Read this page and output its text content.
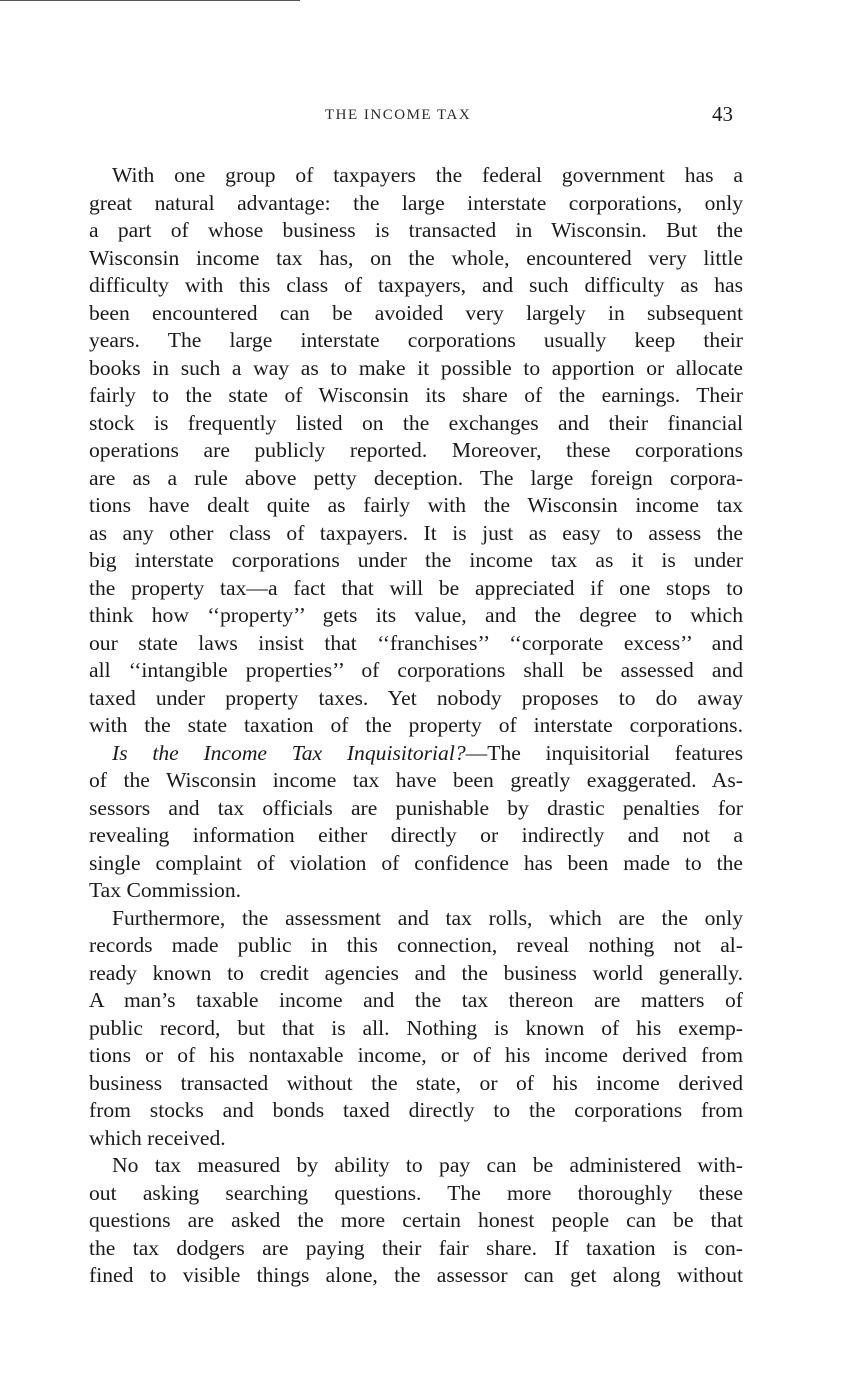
THE INCOME TAX	43
With one group of taxpayers the federal government has a
great natural advantage: the large interstate corporations, only
a part of whose business is transacted in Wisconsin. But the
Wisconsin income tax has, on the whole, encountered very little
difficulty with this class of taxpayers, and such difficulty as has
been encountered can be avoided very largely in subsequent
years. The large interstate corporations usually keep their
books in such a way as to make it possible to apportion or allocate
fairly to the state of Wisconsin its share of the earnings. Their
stock is frequently listed on the exchanges and their financial
operations are publicly reported. Moreover, these corporations
are as a rule above petty deception. The large foreign corpora-
tions have dealt quite as fairly with the Wisconsin income tax
as any other class of taxpayers. It is just as easy to assess the
big interstate corporations under the income tax as it is under
the property tax—a fact that will be appreciated if one stops to
think how ‘‘property’’ gets its value, and the degree to which
our state laws insist that ‘‘franchises’’ ‘‘corporate excess’’ and
all ‘‘intangible properties’’ of corporations shall be assessed and
taxed under property taxes. Yet nobody proposes to do away
with the state taxation of the property of interstate corporations.
Is the Income Tax Inquisitorial?—The inquisitorial features
of the Wisconsin income tax have been greatly exaggerated. As-
sessors and tax officials are punishable by drastic penalties for
revealing information either directly or indirectly and not a
single complaint of violation of confidence has been made to the
Tax Commission.
Furthermore, the assessment and tax rolls, which are the only
records made public in this connection, reveal nothing not al-
ready known to credit agencies and the business world generally.
A man’s taxable income and the tax thereon are matters of
public record, but that is all. Nothing is known of his exemp-
tions or of his nontaxable income, or of his income derived from
business transacted without the state, or of his income derived
from stocks and bonds taxed directly to the corporations from
which received.
No tax measured by ability to pay can be administered with-
out asking searching questions. The more thoroughly these
questions are asked the more certain honest people can be that
the tax dodgers are paying their fair share. If taxation is con-
fined to visible things alone, the assessor can get along without
